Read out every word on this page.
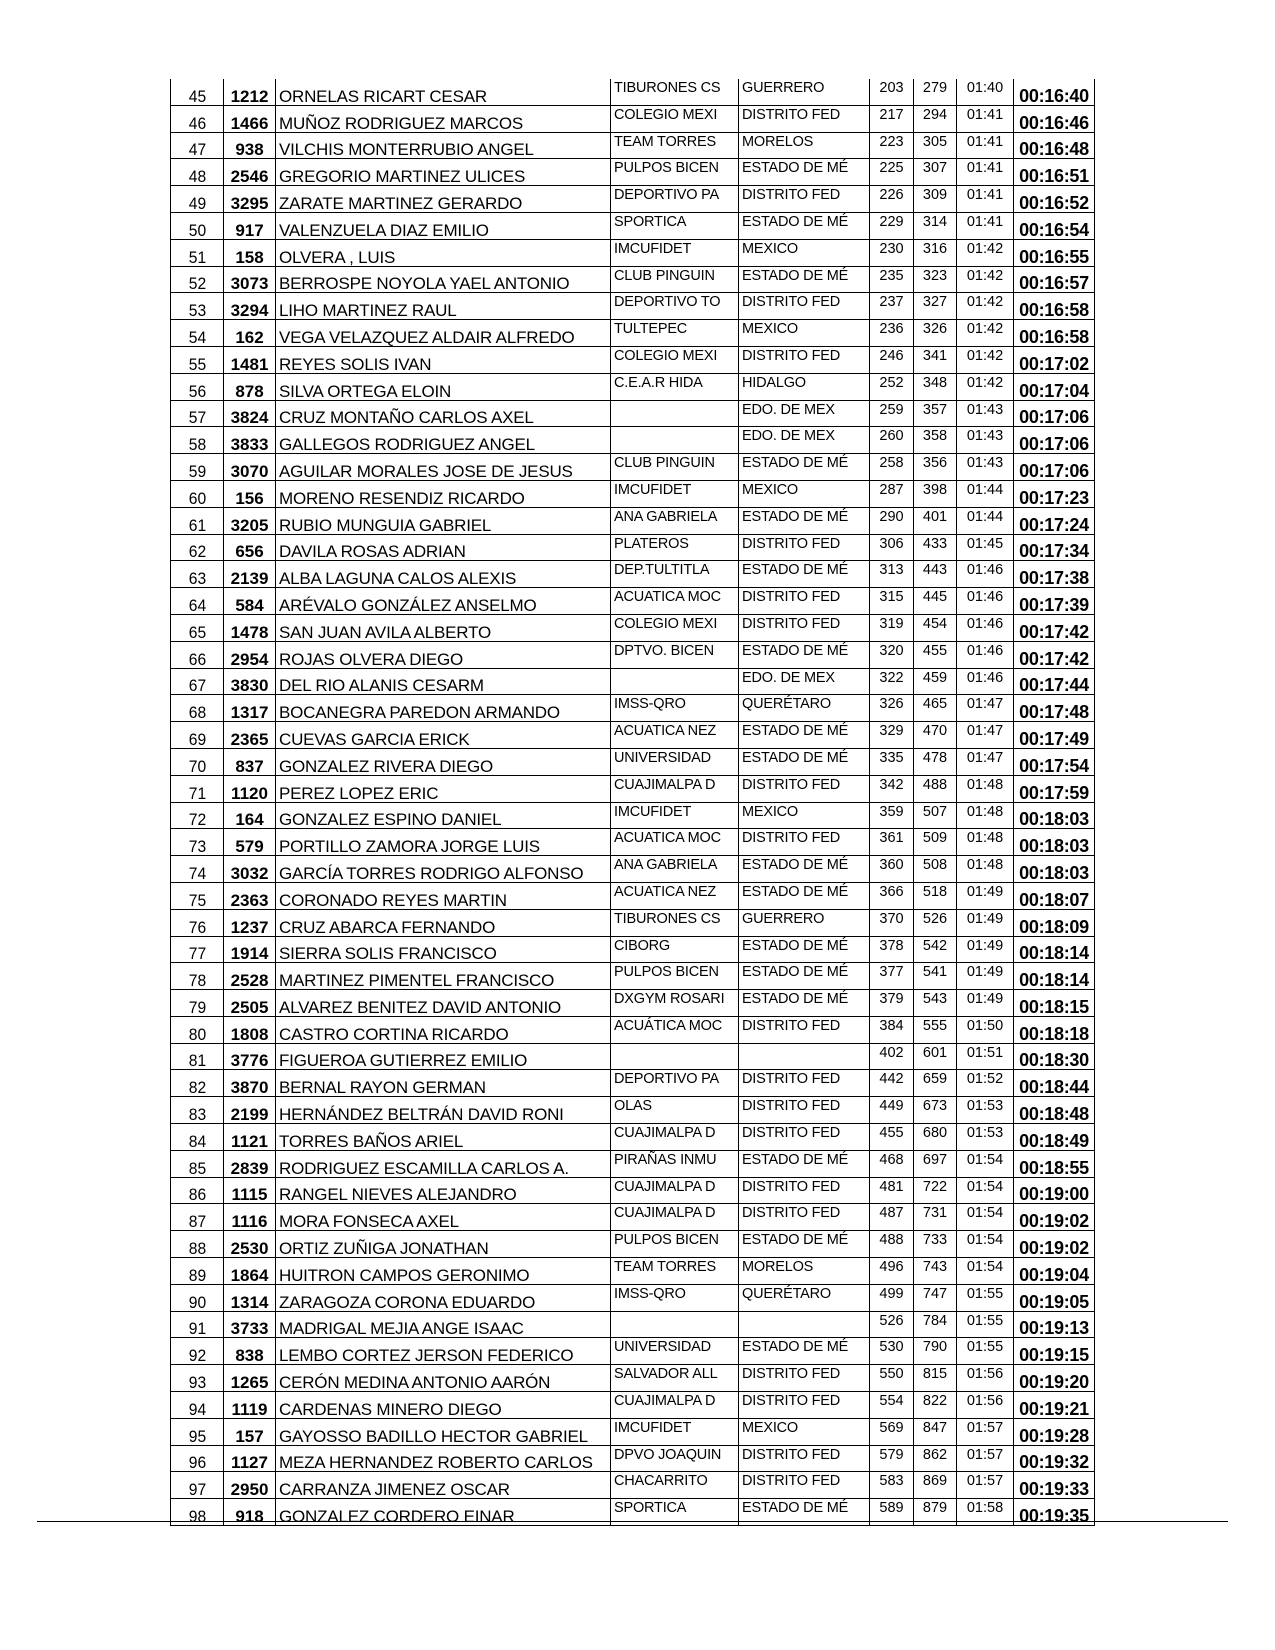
45	1212	ORNELAS RICART CESAR	TIBURONES CS	GUERRERO	203	279	01:40	00:16:40
46	1466	MUÑOZ RODRIGUEZ MARCOS	COLEGIO MEXI	DISTRITO FED	217	294	01:41	00:16:46
47	938	VILCHIS MONTERRUBIO ANGEL	TEAM TORRES	MORELOS	223	305	01:41	00:16:48
48	2546	GREGORIO MARTINEZ ULICES	PULPOS BICEN	ESTADO DE MÉ	225	307	01:41	00:16:51
49	3295	ZARATE MARTINEZ GERARDO	DEPORTIVO PA	DISTRITO FED	226	309	01:41	00:16:52
50	917	VALENZUELA DIAZ EMILIO	SPORTICA	ESTADO DE MÉ	229	314	01:41	00:16:54
51	158	OLVERA , LUIS	IMCUFIDET	MEXICO	230	316	01:42	00:16:55
52	3073	BERROSPE NOYOLA YAEL ANTONIO	CLUB PINGUIN	ESTADO DE MÉ	235	323	01:42	00:16:57
53	3294	LIHO MARTINEZ RAUL	DEPORTIVO TO	DISTRITO FED	237	327	01:42	00:16:58
54	162	VEGA VELAZQUEZ ALDAIR ALFREDO	TULTEPEC	MEXICO	236	326	01:42	00:16:58
55	1481	REYES SOLIS IVAN	COLEGIO MEXI	DISTRITO FED	246	341	01:42	00:17:02
56	878	SILVA ORTEGA ELOIN	C.E.A.R HIDA	HIDALGO	252	348	01:42	00:17:04
57	3824	CRUZ MONTAÑO CARLOS AXEL		EDO. DE MEX	259	357	01:43	00:17:06
58	3833	GALLEGOS RODRIGUEZ ANGEL		EDO. DE MEX	260	358	01:43	00:17:06
59	3070	AGUILAR MORALES JOSE DE JESUS	CLUB PINGUIN	ESTADO DE MÉ	258	356	01:43	00:17:06
60	156	MORENO RESENDIZ RICARDO	IMCUFIDET	MEXICO	287	398	01:44	00:17:23
61	3205	RUBIO MUNGUIA GABRIEL	ANA GABRIELA	ESTADO DE MÉ	290	401	01:44	00:17:24
62	656	DAVILA ROSAS ADRIAN	PLATEROS	DISTRITO FED	306	433	01:45	00:17:34
63	2139	ALBA LAGUNA CALOS ALEXIS	DEP.TULTITLA	ESTADO DE MÉ	313	443	01:46	00:17:38
64	584	ARÉVALO GONZÁLEZ ANSELMO	ACUATICA MOC	DISTRITO FED	315	445	01:46	00:17:39
65	1478	SAN JUAN AVILA ALBERTO	COLEGIO MEXI	DISTRITO FED	319	454	01:46	00:17:42
66	2954	ROJAS OLVERA DIEGO	DPTVO. BICEN	ESTADO DE MÉ	320	455	01:46	00:17:42
67	3830	DEL RIO ALANIS CESARM		EDO. DE MEX	322	459	01:46	00:17:44
68	1317	BOCANEGRA PAREDON ARMANDO	IMSS-QRO	QUERÉTARO	326	465	01:47	00:17:48
69	2365	CUEVAS GARCIA ERICK	ACUATICA NEZ	ESTADO DE MÉ	329	470	01:47	00:17:49
70	837	GONZALEZ RIVERA DIEGO	UNIVERSIDAD	ESTADO DE MÉ	335	478	01:47	00:17:54
71	1120	PEREZ LOPEZ ERIC	CUAJIMALPA D	DISTRITO FED	342	488	01:48	00:17:59
72	164	GONZALEZ ESPINO DANIEL	IMCUFIDET	MEXICO	359	507	01:48	00:18:03
73	579	PORTILLO ZAMORA JORGE LUIS	ACUATICA MOC	DISTRITO FED	361	509	01:48	00:18:03
74	3032	GARCÍA TORRES RODRIGO ALFONSO	ANA GABRIELA	ESTADO DE MÉ	360	508	01:48	00:18:03
75	2363	CORONADO REYES MARTIN	ACUATICA NEZ	ESTADO DE MÉ	366	518	01:49	00:18:07
76	1237	CRUZ ABARCA FERNANDO	TIBURONES CS	GUERRERO	370	526	01:49	00:18:09
77	1914	SIERRA SOLIS FRANCISCO	CIBORG	ESTADO DE MÉ	378	542	01:49	00:18:14
78	2528	MARTINEZ PIMENTEL FRANCISCO	PULPOS BICEN	ESTADO DE MÉ	377	541	01:49	00:18:14
79	2505	ALVAREZ BENITEZ DAVID ANTONIO	DXGYM ROSARI	ESTADO DE MÉ	379	543	01:49	00:18:15
80	1808	CASTRO CORTINA RICARDO	ACUÁTICA MOC	DISTRITO FED	384	555	01:50	00:18:18
81	3776	FIGUEROA GUTIERREZ EMILIO			402	601	01:51	00:18:30
82	3870	BERNAL RAYON GERMAN	DEPORTIVO PA	DISTRITO FED	442	659	01:52	00:18:44
83	2199	HERNÁNDEZ BELTRÁN DAVID RONI	OLAS	DISTRITO FED	449	673	01:53	00:18:48
84	1121	TORRES BAÑOS ARIEL	CUAJIMALPA D	DISTRITO FED	455	680	01:53	00:18:49
85	2839	RODRIGUEZ ESCAMILLA CARLOS A.	PIRAÑAS INMU	ESTADO DE MÉ	468	697	01:54	00:18:55
86	1115	RANGEL NIEVES ALEJANDRO	CUAJIMALPA D	DISTRITO FED	481	722	01:54	00:19:00
87	1116	MORA FONSECA AXEL	CUAJIMALPA D	DISTRITO FED	487	731	01:54	00:19:02
88	2530	ORTIZ ZUÑIGA JONATHAN	PULPOS BICEN	ESTADO DE MÉ	488	733	01:54	00:19:02
89	1864	HUITRON CAMPOS GERONIMO	TEAM TORRES	MORELOS	496	743	01:54	00:19:04
90	1314	ZARAGOZA CORONA EDUARDO	IMSS-QRO	QUERÉTARO	499	747	01:55	00:19:05
91	3733	MADRIGAL MEJIA ANGE ISAAC			526	784	01:55	00:19:13
92	838	LEMBO CORTEZ JERSON FEDERICO	UNIVERSIDAD	ESTADO DE MÉ	530	790	01:55	00:19:15
93	1265	CERÓN MEDINA ANTONIO AARÓN	SALVADOR ALL	DISTRITO FED	550	815	01:56	00:19:20
94	1119	CARDENAS MINERO DIEGO	CUAJIMALPA D	DISTRITO FED	554	822	01:56	00:19:21
95	157	GAYOSSO BADILLO HECTOR GABRIEL	IMCUFIDET	MEXICO	569	847	01:57	00:19:28
96	1127	MEZA HERNANDEZ ROBERTO CARLOS	DPVO JOAQUIN	DISTRITO FED	579	862	01:57	00:19:32
97	2950	CARRANZA JIMENEZ OSCAR	CHACARRITO	DISTRITO FED	583	869	01:57	00:19:33
98	918	GONZALEZ CORDERO EINAR	SPORTICA	ESTADO DE MÉ	589	879	01:58	00:19:35
